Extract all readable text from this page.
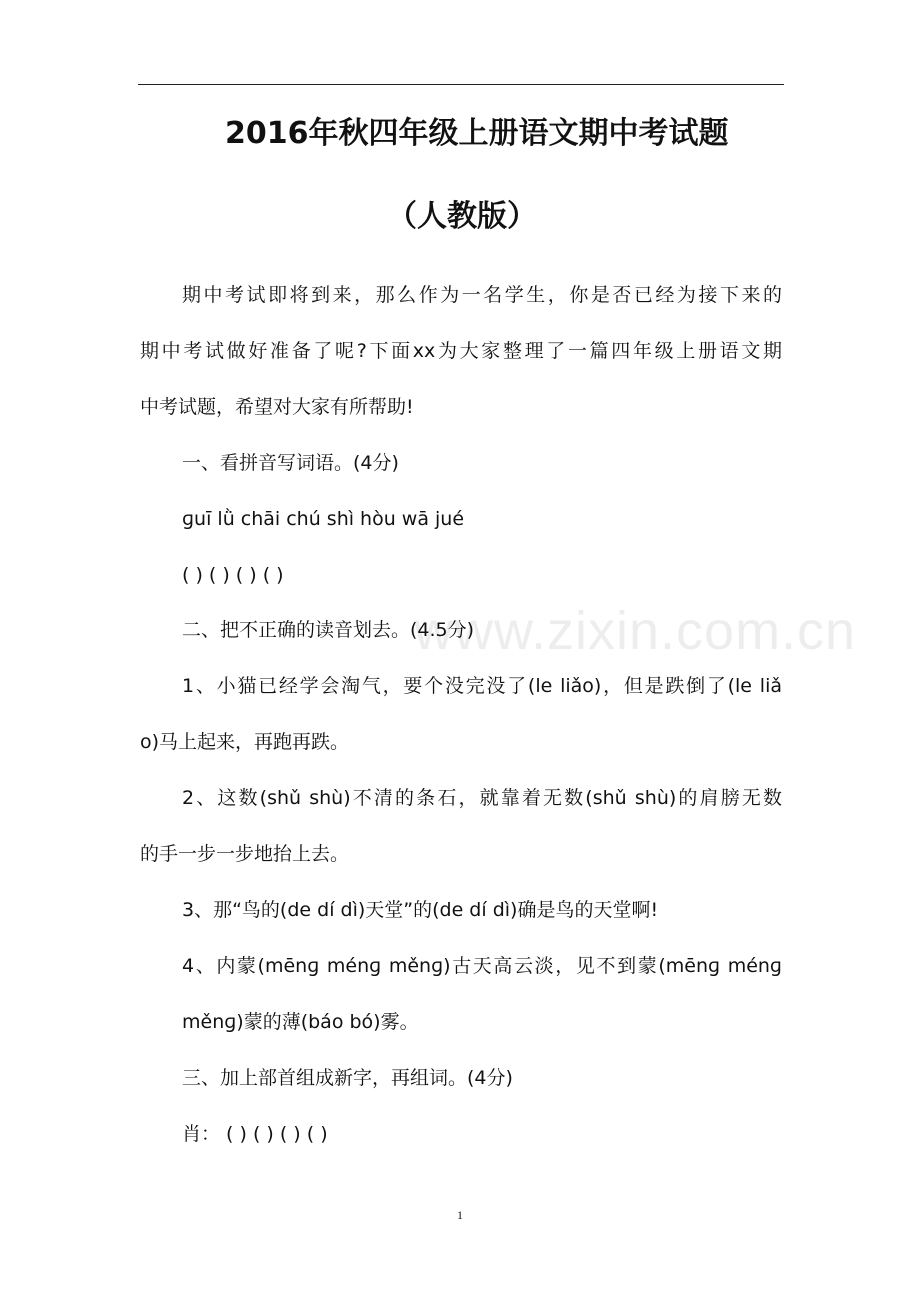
2016年秋四年级上册语文期中考试题
（人教版）
www.zixin.com.cn
期中考试即将到来，那么作为一名学生，你是否已经为接下来的
期中考试做好准备了呢?下面xx为大家整理了一篇四年级上册语文期
中考试题，希望对大家有所帮助!
一、看拼音写词语。(4分)
ɡuī lǜ chāi chú shì hòu wā jué
( ) ( ) ( ) ( )
二、把不正确的读音划去。(4.5分)
1、小猫已经学会淘气，要个没完没了(le liǎo)，但是跌倒了(le liǎ
o)马上起来，再跑再跌。
2、这数(shǔ shù)不清的条石，就靠着无数(shǔ shù)的肩膀无数
的手一步一步地抬上去。
3、那“鸟的(de dí dì)天堂”的(de dí dì)确是鸟的天堂啊!
4、内蒙(mēnɡ ménɡ měnɡ)古天高云淡，见不到蒙(mēnɡ ménɡ
měnɡ)蒙的薄(báo bó)雾。
三、加上部首组成新字，再组词。(4分)
肖： ( ) ( ) ( ) ( )
1
